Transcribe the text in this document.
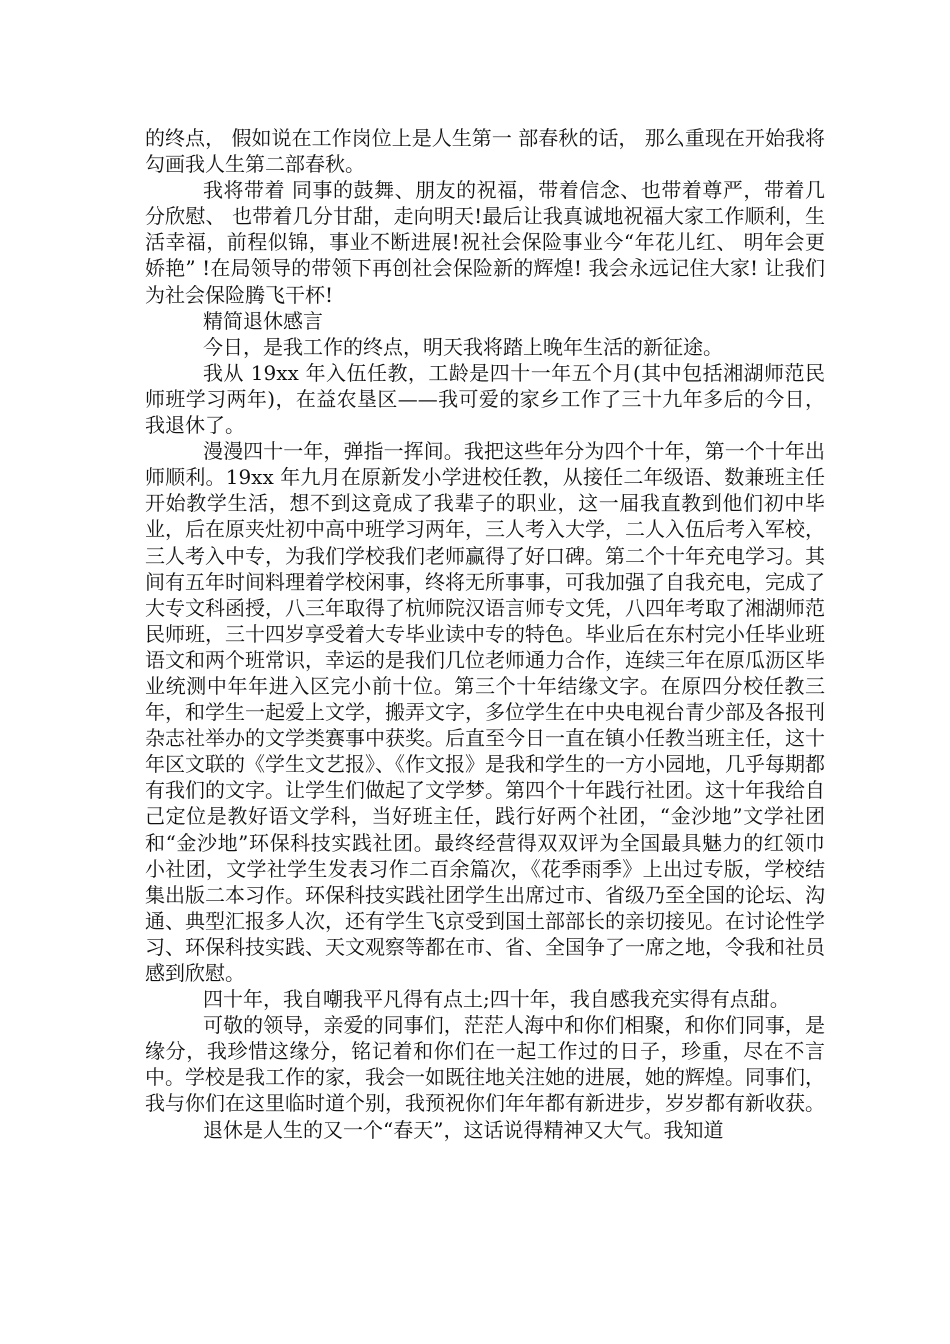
的终点， 假如说在工作岗位上是人生第一 部春秋的话， 那么重现在开始我将勾画我人生第二部春秋。

我将带着 同事的鼓舞、朋友的祝福，带着信念、也带着尊严，带着几分欣慰、 也带着几分甘甜，走向明天!最后让我真诚地祝福大家工作顺利，生 活幸福，前程似锦，事业不断进展!祝社会保险事业今“年花儿红、 明年会更娇艳” !在局领导的带领下再创社会保险新的辉煌! 我会永远记住大家! 让我们为社会保险腾飞干杯!

精简退休感言

今日，是我工作的终点，明天我将踏上晚年生活的新征途。

我从 19xx 年入伍任教，工龄是四十一年五个月(其中包括湘湖师范民师班学习两年)，在益农垦区——我可爱的家乡工作了三十九年多后的今日，我退休了。

漫漫四十一年，弹指一挥间。我把这些年分为四个十年，第一个十年出师顺利。19xx 年九月在原新发小学进校任教，从接任二年级语、数兼班主任开始教学生活，想不到这竟成了我辈子的职业，这一届我直教到他们初中毕业，后在原夹灶初中高中班学习两年，三人考入大学，二人入伍后考入军校，三人考入中专，为我们学校我们老师赢得了好口碑。第二个十年充电学习。其间有五年时间料理着学校闲事，终将无所事事，可我加强了自我充电，完成了大专文科函授，八三年取得了杭师院汉语言师专文凭，八四年考取了湘湖师范民师班，三十四岁享受着大专毕业读中专的特色。毕业后在东村完小任毕业班语文和两个班常识，幸运的是我们几位老师通力合作，连续三年在原瓜沥区毕业统测中年年进入区完小前十位。第三个十年结缘文字。在原四分校任教三年，和学生一起爱上文学，搬弄文字，多位学生在中央电视台青少部及各报刊杂志社举办的文学类赛事中获奖。后直至今日一直在镇小任教当班主任，这十年区文联的《学生文艺报》、《作文报》是我和学生的一方小园地，几乎每期都有我们的文字。让学生们做起了文学梦。第四个十年践行社团。这十年我给自己定位是教好语文学科，当好班主任，践行好两个社团，“金沙地”文学社团和“金沙地”环保科技实践社团。最终经营得双双评为全国最具魅力的红领巾小社团，文学社学生发表习作二百余篇次，《花季雨季》上出过专版，学校结集出版二本习作。环保科技实践社团学生出席过市、省级乃至全国的论坛、沟通、典型汇报多人次，还有学生飞京受到国土部部长的亲切接见。在讨论性学习、环保科技实践、天文观察等都在市、省、全国争了一席之地，令我和社员感到欣慰。

四十年，我自嘲我平凡得有点土;四十年，我自感我充实得有点甜。

可敬的领导，亲爱的同事们，茫茫人海中和你们相聚，和你们同事，是缘分，我珍惜这缘分，铭记着和你们在一起工作过的日子，珍重，尽在不言中。学校是我工作的家，我会一如既往地关注她的进展，她的辉煌。同事们，我与你们在这里临时道个别，我预祝你们年年都有新进步，岁岁都有新收获。

退休是人生的又一个“春天”，这话说得精神又大气。我知道
